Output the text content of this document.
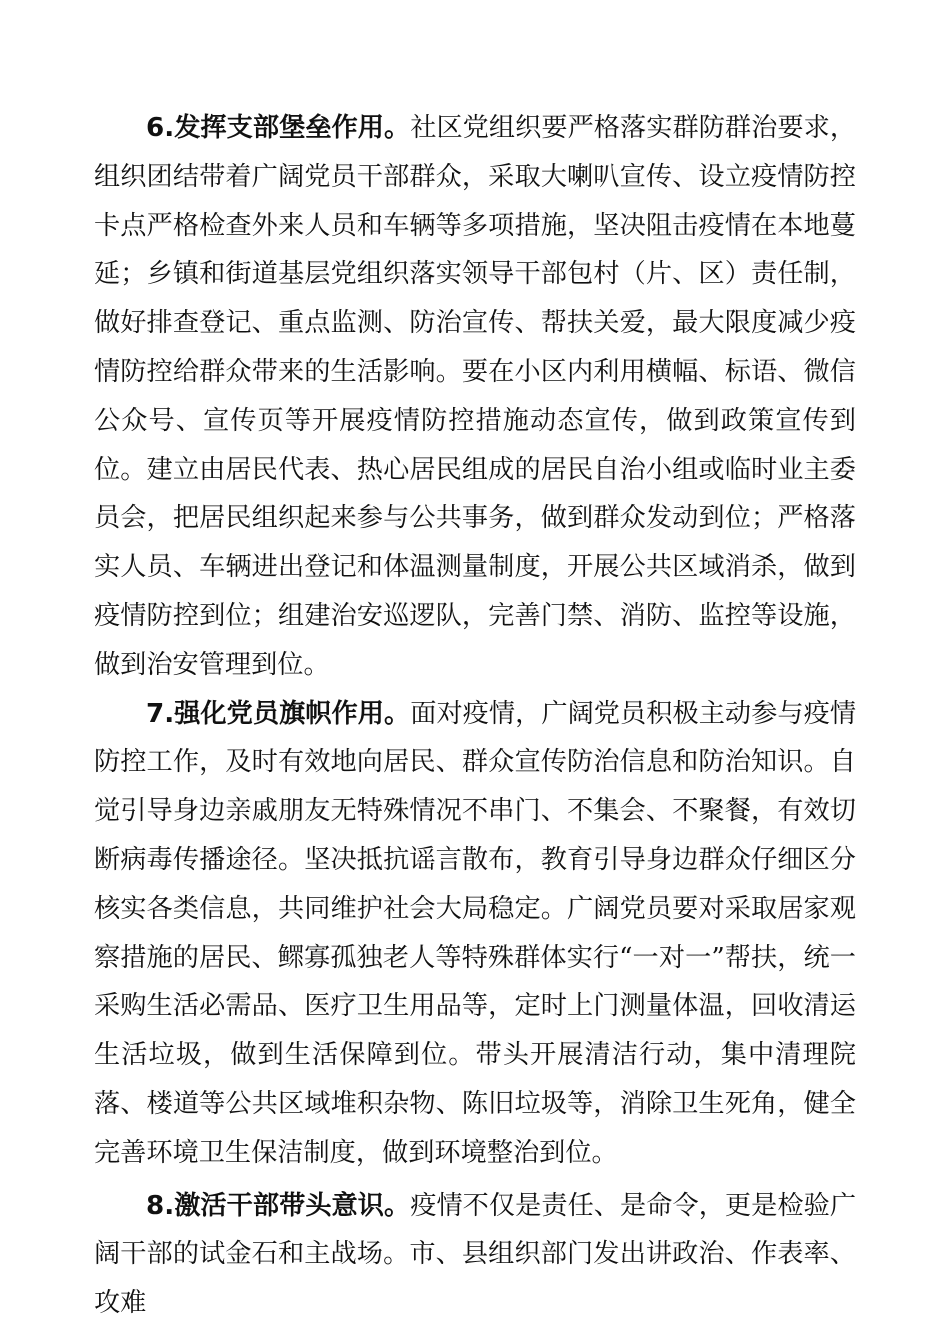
6.发挥支部堡垒作用。社区党组织要严格落实群防群治要求，组织团结带着广阔党员干部群众，采取大喇叭宣传、设立疫情防控卡点严格检查外来人员和车辆等多项措施，坚决阻击疫情在本地蔓延；乡镇和街道基层党组织落实领导干部包村（片、区）责任制，做好排查登记、重点监测、防治宣传、帮扶关爱，最大限度减少疫情防控给群众带来的生活影响。要在小区内利用横幅、标语、微信公众号、宣传页等开展疫情防控措施动态宣传，做到政策宣传到位。建立由居民代表、热心居民组成的居民自治小组或临时业主委员会，把居民组织起来参与公共事务，做到群众发动到位；严格落实人员、车辆进出登记和体温测量制度，开展公共区域消杀，做到疫情防控到位；组建治安巡逻队，完善门禁、消防、监控等设施，做到治安管理到位。

7.强化党员旗帜作用。面对疫情，广阔党员积极主动参与疫情防控工作，及时有效地向居民、群众宣传防治信息和防治知识。自觉引导身边亲戚朋友无特殊情况不串门、不集会、不聚餐，有效切断病毒传播途径。坚决抵抗谣言散布，教育引导身边群众仔细区分核实各类信息，共同维护社会大局稳定。广阔党员要对采取居家观察措施的居民、鳏寡孤独老人等特殊群体实行“一对一”帮扶，统一采购生活必需品、医疗卫生用品等，定时上门测量体温，回收清运生活垃圾，做到生活保障到位。带头开展清洁行动，集中清理院落、楼道等公共区域堆积杂物、陈旧垃圾等，消除卫生死角，健全完善环境卫生保洁制度，做到环境整治到位。

8.激活干部带头意识。疫情不仅是责任、是命令，更是检验广阔干部的试金石和主战场。市、县组织部门发出讲政治、作表率、攻难
